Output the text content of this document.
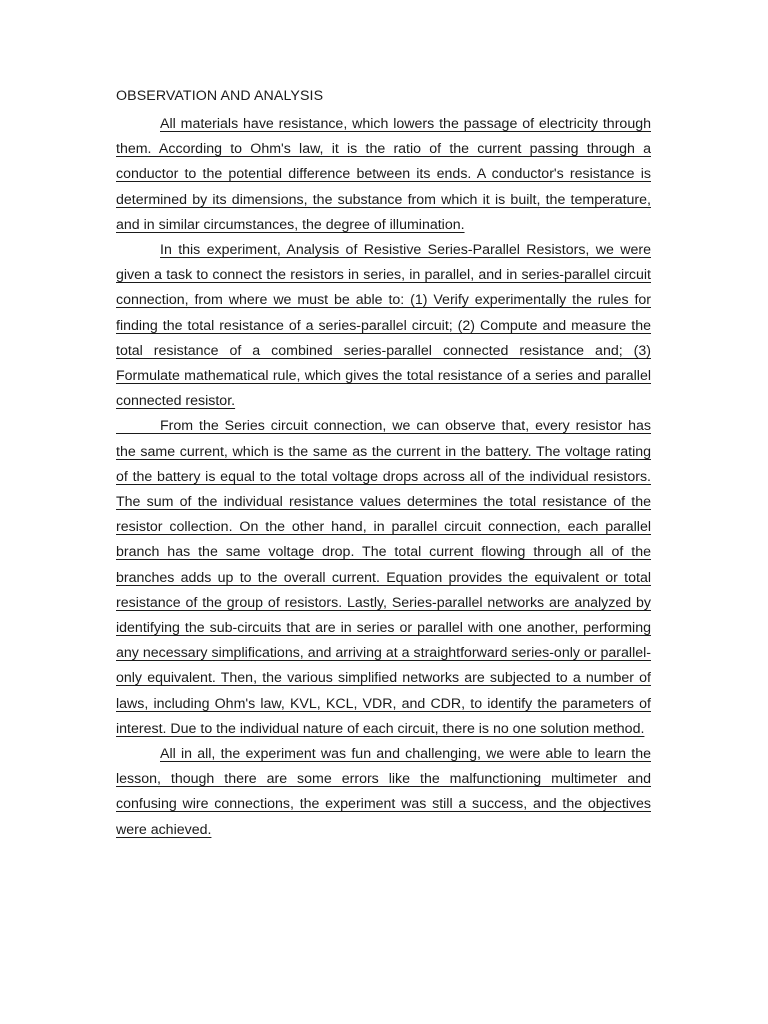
OBSERVATION AND ANALYSIS

All materials have resistance, which lowers the passage of electricity through them. According to Ohm's law, it is the ratio of the current passing through a conductor to the potential difference between its ends. A conductor's resistance is determined by its dimensions, the substance from which it is built, the temperature, and in similar circumstances, the degree of illumination.

In this experiment, Analysis of Resistive Series-Parallel Resistors, we were given a task to connect the resistors in series, in parallel, and in series-parallel circuit connection, from where we must be able to: (1) Verify experimentally the rules for finding the total resistance of a series-parallel circuit; (2) Compute and measure the total resistance of a combined series-parallel connected resistance and; (3) Formulate mathematical rule, which gives the total resistance of a series and parallel connected resistor.

From the Series circuit connection, we can observe that, every resistor has the same current, which is the same as the current in the battery. The voltage rating of the battery is equal to the total voltage drops across all of the individual resistors. The sum of the individual resistance values determines the total resistance of the resistor collection. On the other hand, in parallel circuit connection, each parallel branch has the same voltage drop. The total current flowing through all of the branches adds up to the overall current. Equation provides the equivalent or total resistance of the group of resistors. Lastly, Series-parallel networks are analyzed by identifying the sub-circuits that are in series or parallel with one another, performing any necessary simplifications, and arriving at a straightforward series-only or parallel-only equivalent. Then, the various simplified networks are subjected to a number of laws, including Ohm's law, KVL, KCL, VDR, and CDR, to identify the parameters of interest. Due to the individual nature of each circuit, there is no one solution method.

All in all, the experiment was fun and challenging, we were able to learn the lesson, though there are some errors like the malfunctioning multimeter and confusing wire connections, the experiment was still a success, and the objectives were achieved.
